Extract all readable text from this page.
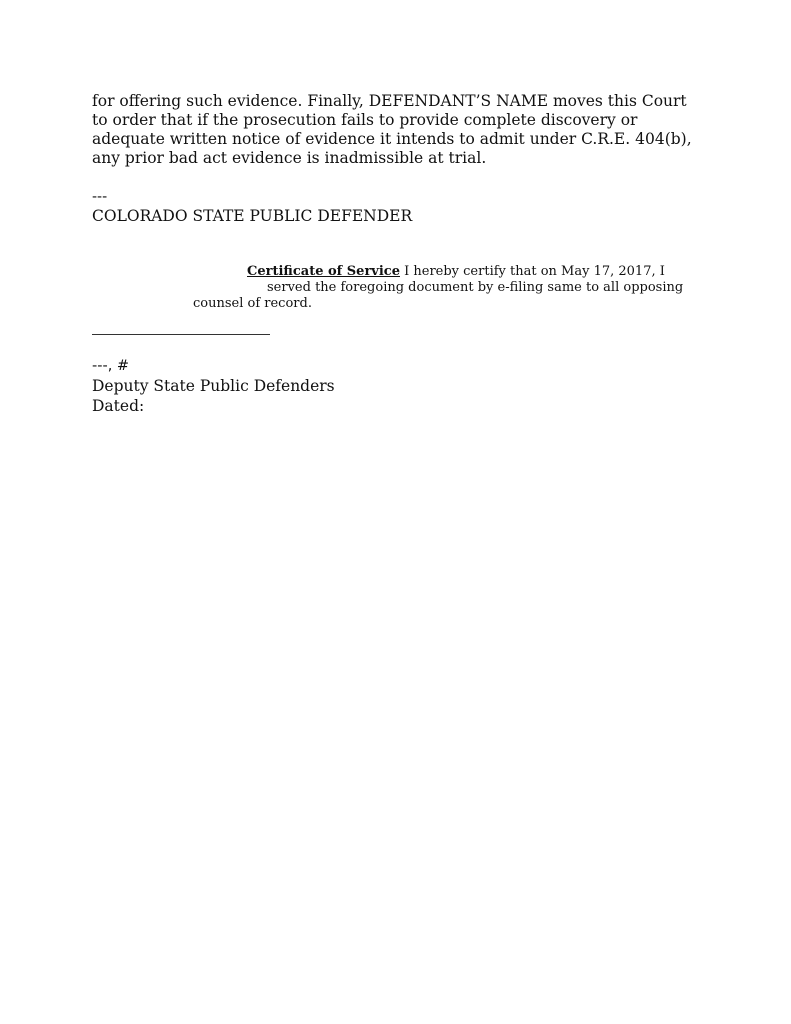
for offering such evidence. Finally, DEFENDANT’S NAME moves this Court
to order that if the prosecution fails to provide complete discovery or
adequate written notice of evidence it intends to admit under C.R.E. 404(b),
any prior bad act evidence is inadmissible at trial.

---

COLORADO STATE PUBLIC DEFENDER

Certificate of Service I hereby certify that on May 17, 2017, I
served the foregoing document by e-filing same to all opposing
counsel of record.
---, #
Deputy State Public Defenders
Dated:
